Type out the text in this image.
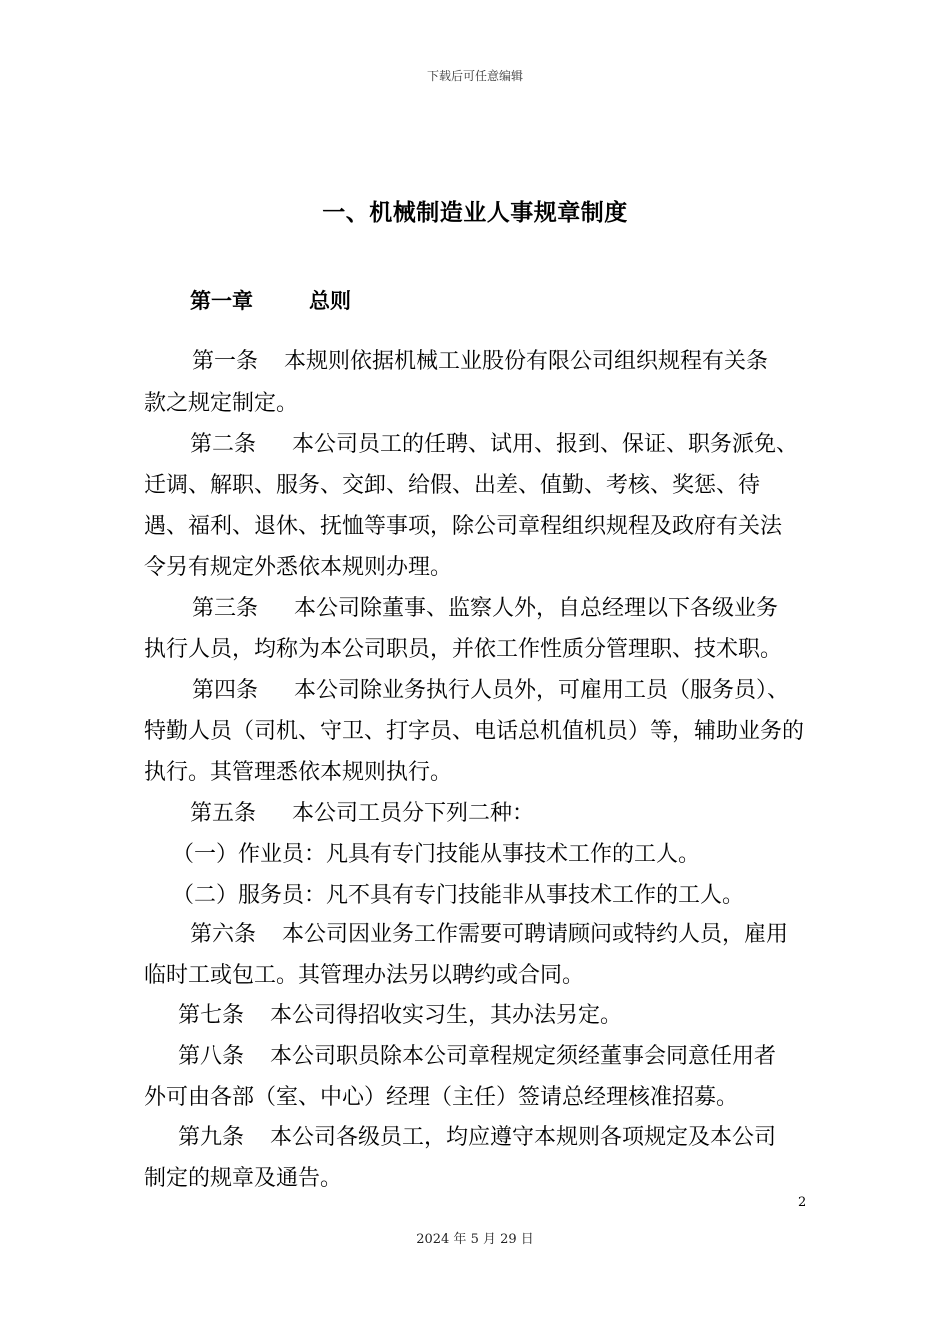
下载后可任意编辑
一、机械制造业人事规章制度
第一章	总则
第一条 本规则依据机械工业股份有限公司组织规程有关条
款之规定制定。
第二条 本公司员工的任聘、试用、报到、保证、职务派免、
迁调、解职、服务、交卸、给假、出差、值勤、考核、奖惩、待
遇、福利、退休、抚恤等事项，除公司章程组织规程及政府有关法
令另有规定外悉依本规则办理。
第三条 本公司除董事、监察人外，自总经理以下各级业务
执行人员，均称为本公司职员，并依工作性质分管理职、技术职。
第四条 本公司除业务执行人员外，可雇用工员（服务员）、
特勤人员（司机、守卫、打字员、电话总机值机员）等，辅助业务的
执行。其管理悉依本规则执行。
第五条 本公司工员分下列二种：
（一）作业员：凡具有专门技能从事技术工作的工人。
（二）服务员：凡不具有专门技能非从事技术工作的工人。
第六条 本公司因业务工作需要可聘请顾问或特约人员，雇用
临时工或包工。其管理办法另以聘约或合同。
第七条 本公司得招收实习生，其办法另定。
第八条 本公司职员除本公司章程规定须经董事会同意任用者
外可由各部（室、中心）经理（主任）签请总经理核准招募。
第九条 本公司各级员工，均应遵守本规则各项规定及本公司
制定的规章及通告。
2
2024 年 5 月 29 日
